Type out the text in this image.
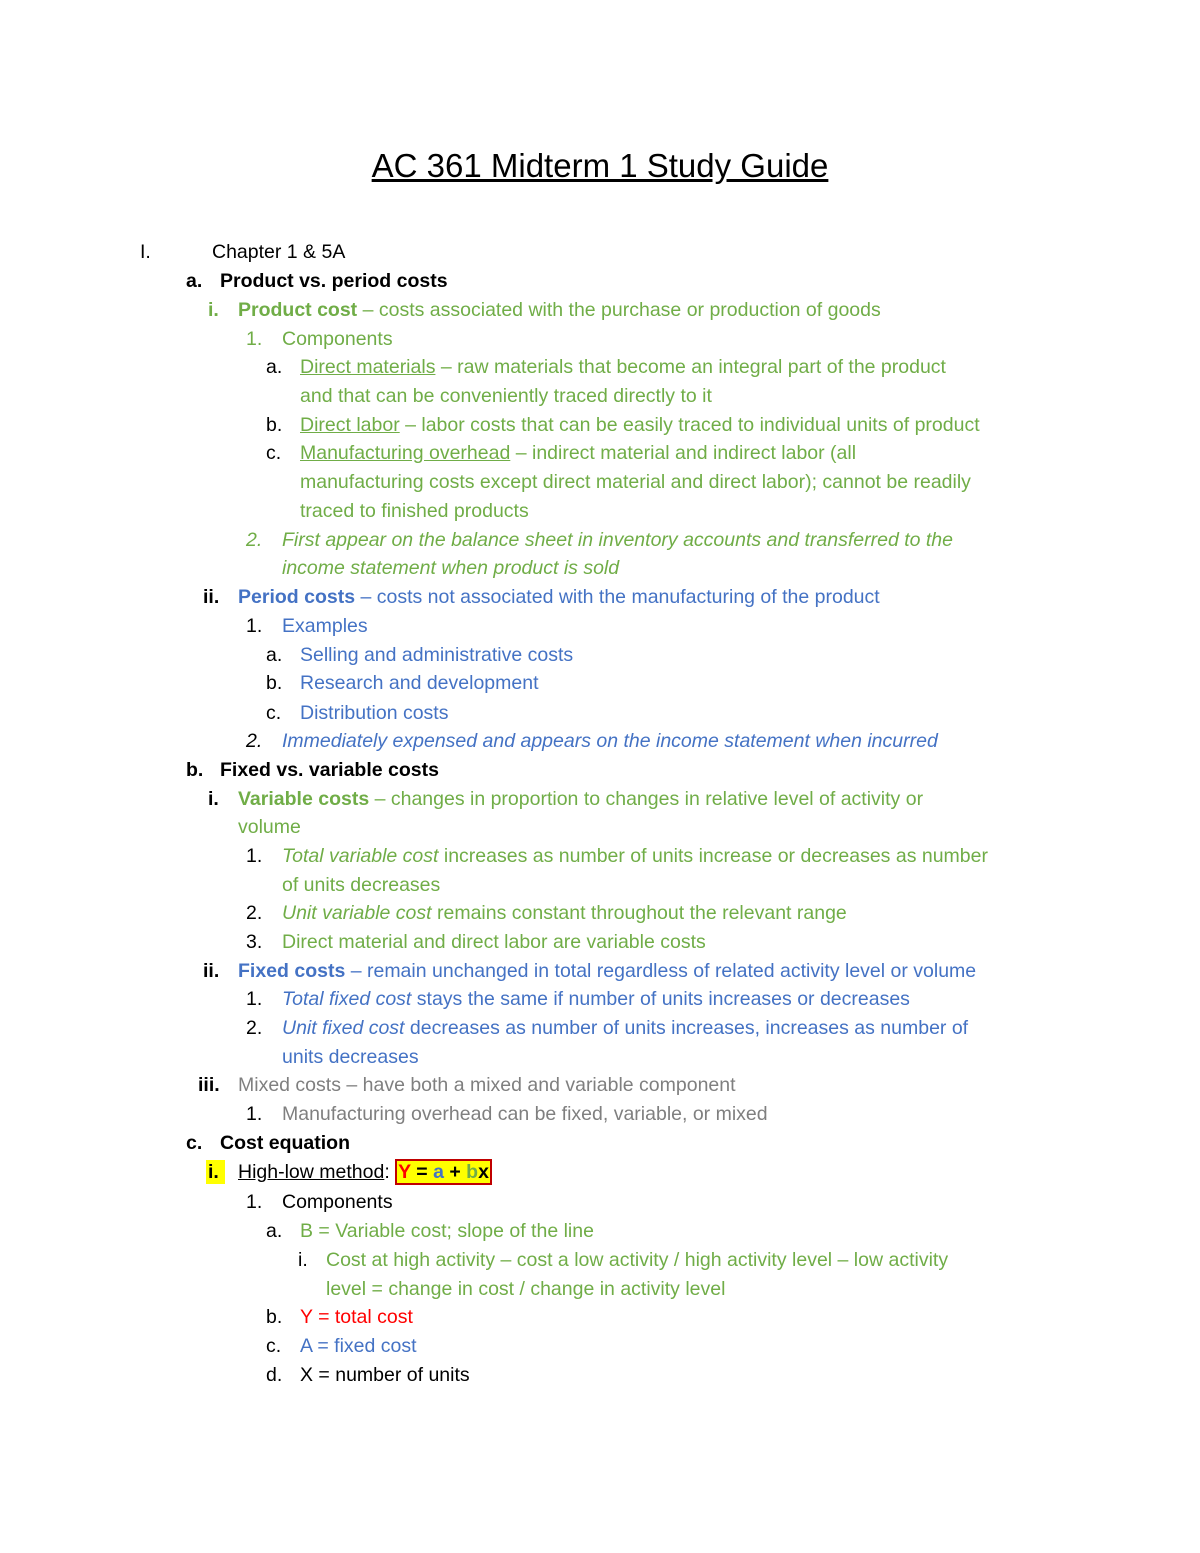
AC 361 Midterm 1 Study Guide
I.	Chapter 1 & 5A
a. Product vs. period costs
i. Product cost – costs associated with the purchase or production of goods
1. Components
a. Direct materials – raw materials that become an integral part of the product
and that can be conveniently traced directly to it
b. Direct labor – labor costs that can be easily traced to individual units of product
c. Manufacturing overhead – indirect material and indirect labor (all
manufacturing costs except direct material and direct labor); cannot be readily
traced to finished products
2. First appear on the balance sheet in inventory accounts and transferred to the
income statement when product is sold
ii. Period costs – costs not associated with the manufacturing of the product
1. Examples
a. Selling and administrative costs
b. Research and development
c. Distribution costs
2. Immediately expensed and appears on the income statement when incurred
b. Fixed vs. variable costs
i. Variable costs – changes in proportion to changes in relative level of activity or
volume
1. Total variable cost increases as number of units increase or decreases as number
of units decreases
2. Unit variable cost remains constant throughout the relevant range
3. Direct material and direct labor are variable costs
ii. Fixed costs – remain unchanged in total regardless of related activity level or volume
1. Total fixed cost stays the same if number of units increases or decreases
2. Unit fixed cost decreases as number of units increases, increases as number of
units decreases
iii. Mixed costs – have both a mixed and variable component
1. Manufacturing overhead can be fixed, variable, or mixed
c. Cost equation
i. High-low method: Y = a + bx
1. Components
a. B = Variable cost; slope of the line
i. Cost at high activity – cost a low activity / high activity level – low activity
level = change in cost / change in activity level
b. Y = total cost
c. A = fixed cost
d. X = number of units
